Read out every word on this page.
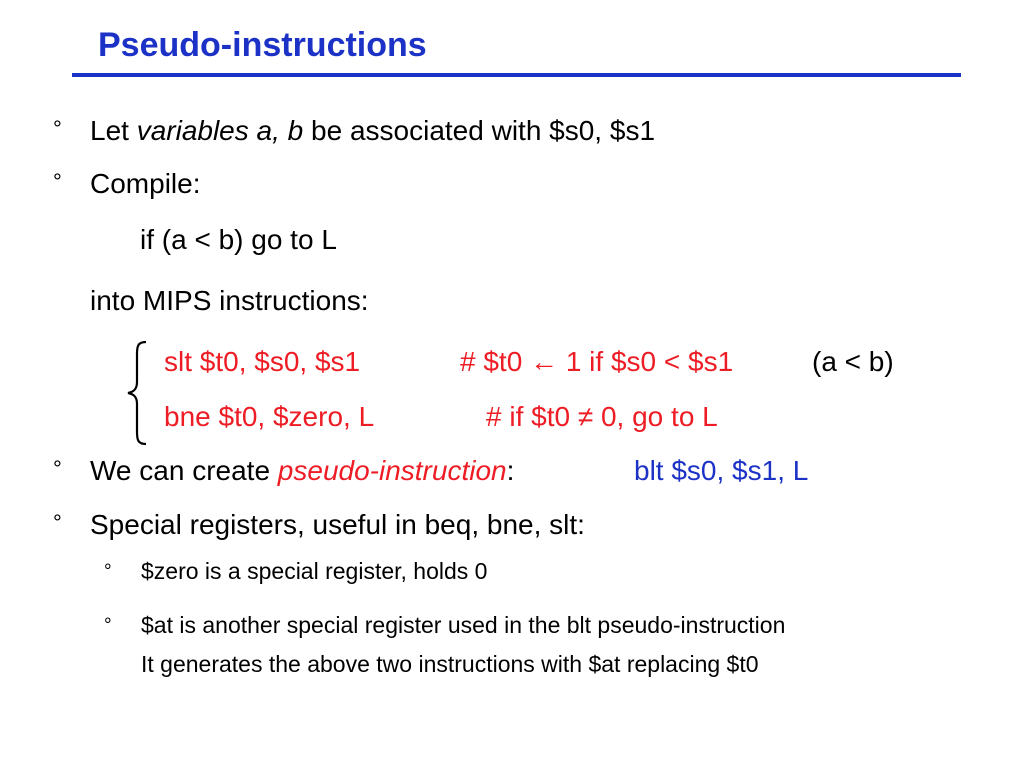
Pseudo-instructions
° Let variables a, b be associated with $s0, $s1
° Compile:
if (a < b) go to L
into MIPS instructions:
slt $t0, $s0, $s1	# $t0 ← 1 if $s0 < $s1	(a < b)
bne $t0, $zero, L	# if $t0 ≠ 0, go to L
° We can create pseudo-instruction:	blt $s0, $s1, L
° Special registers, useful in beq, bne, slt:
° $zero is a special register, holds 0
° $at is another special register used in the blt pseudo-instruction
It generates the above two instructions with $at replacing $t0
